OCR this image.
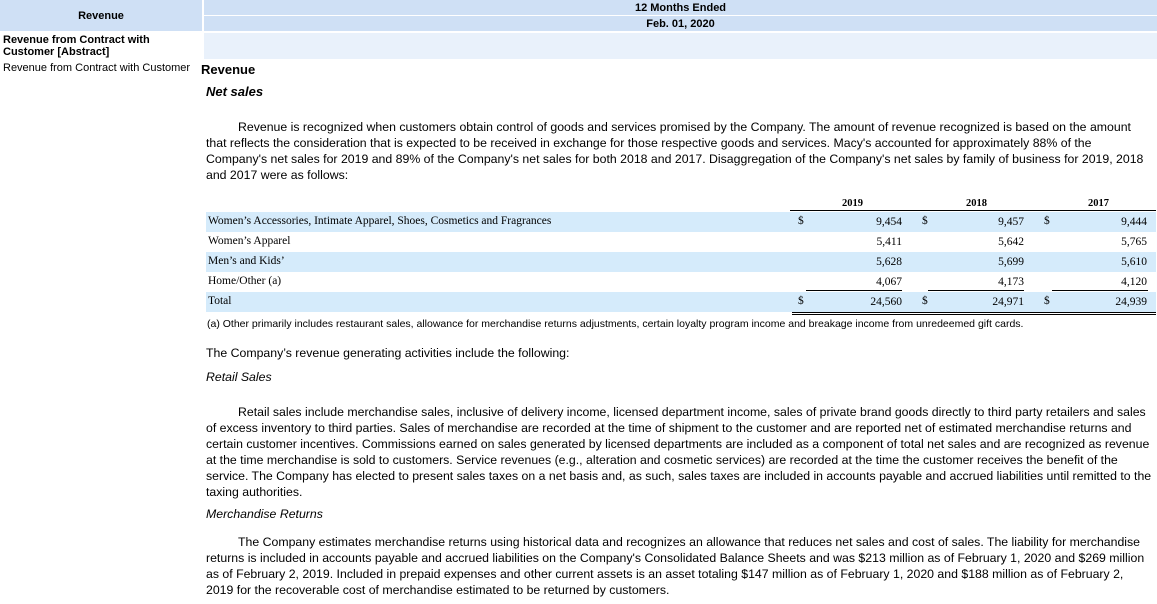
Revenue
12 Months Ended
Feb. 01, 2020
Revenue from Contract with Customer [Abstract]
Revenue from Contract with Customer Revenue

Net sales

Revenue is recognized when customers obtain control of goods and services promised by the Company. The amount of revenue recognized is based on the amount that reflects the consideration that is expected to be received in exchange for those respective goods and services. Macy's accounted for approximately 88% of the Company's net sales for 2019 and 89% of the Company's net sales for both 2018 and 2017. Disaggregation of the Company's net sales by family of business for 2019, 2018 and 2017 were as follows:

2019	2018	2017
Women’s Accessories, Intimate Apparel, Shoes, Cosmetics and Fragrances	$	9,454 $	9,457 $	9,444
Women’s Apparel	5,411	5,642	5,765
Men’s and Kids’	5,628	5,699	5,610
Home/Other (a)	4,067	4,173	4,120
Total	$	24,560 $	24,971 $	24,939
(a) Other primarily includes restaurant sales, allowance for merchandise returns adjustments, certain loyalty program income and breakage income from unredeemed gift cards.
The Company’s revenue generating activities include the following:
Retail Sales
Retail sales include merchandise sales, inclusive of delivery income, licensed department income, sales of private brand goods directly to third party retailers and sales of excess inventory to third parties. Sales of merchandise are recorded at the time of shipment to the customer and are reported net of estimated merchandise returns and certain customer incentives. Commissions earned on sales generated by licensed departments are included as a component of total net sales and are recognized as revenue at the time merchandise is sold to customers. Service revenues (e.g., alteration and cosmetic services) are recorded at the time the customer receives the benefit of the service. The Company has elected to present sales taxes on a net basis and, as such, sales taxes are included in accounts payable and accrued liabilities until remitted to the taxing authorities.
Merchandise Returns
The Company estimates merchandise returns using historical data and recognizes an allowance that reduces net sales and cost of sales. The liability for merchandise returns is included in accounts payable and accrued liabilities on the Company's Consolidated Balance Sheets and was $213 million as of February 1, 2020 and $269 million as of February 2, 2019. Included in prepaid expenses and other current assets is an asset totaling $147 million as of February 1, 2020 and $188 million as of February 2, 2019 for the recoverable cost of merchandise estimated to be returned by customers.
